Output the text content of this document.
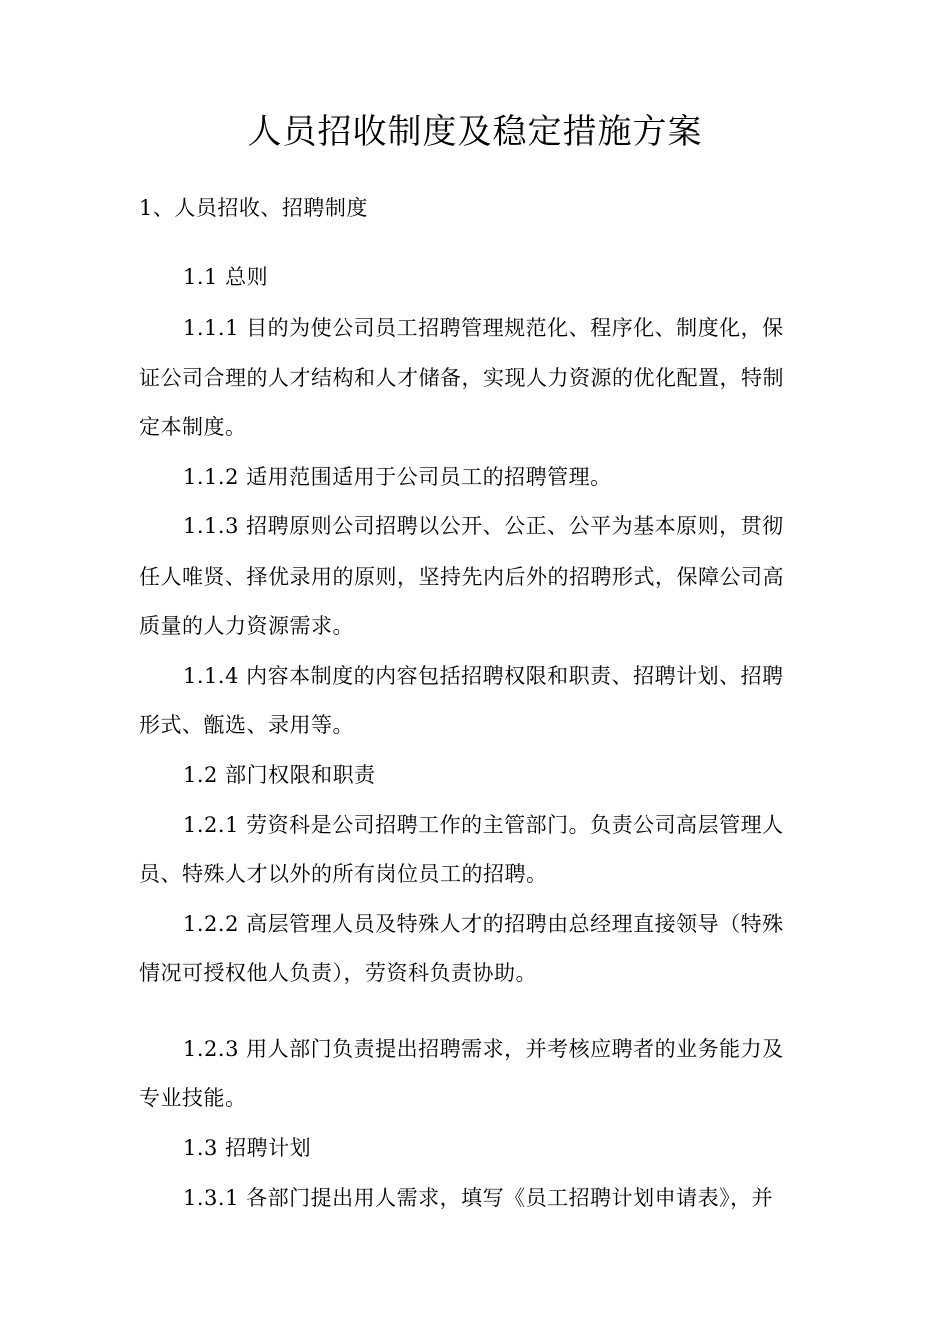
人员招收制度及稳定措施方案
1、人员招收、招聘制度
1.1 总则
1.1.1 目的为使公司员工招聘管理规范化、程序化、制度化，保
证公司合理的人才结构和人才储备，实现人力资源的优化配置，特制
定本制度。
1.1.2 适用范围适用于公司员工的招聘管理。
1.1.3 招聘原则公司招聘以公开、公正、公平为基本原则，贯彻
任人唯贤、择优录用的原则，坚持先内后外的招聘形式，保障公司高
质量的人力资源需求。
1.1.4 内容本制度的内容包括招聘权限和职责、招聘计划、招聘
形式、甑选、录用等。
1.2 部门权限和职责
1.2.1 劳资科是公司招聘工作的主管部门。负责公司高层管理人
员、特殊人才以外的所有岗位员工的招聘。
1.2.2 高层管理人员及特殊人才的招聘由总经理直接领导（特殊
情况可授权他人负责），劳资科负责协助。
1.2.3 用人部门负责提出招聘需求，并考核应聘者的业务能力及
专业技能。
1.3 招聘计划
1.3.1 各部门提出用人需求，填写《员工招聘计划申请表》，并
